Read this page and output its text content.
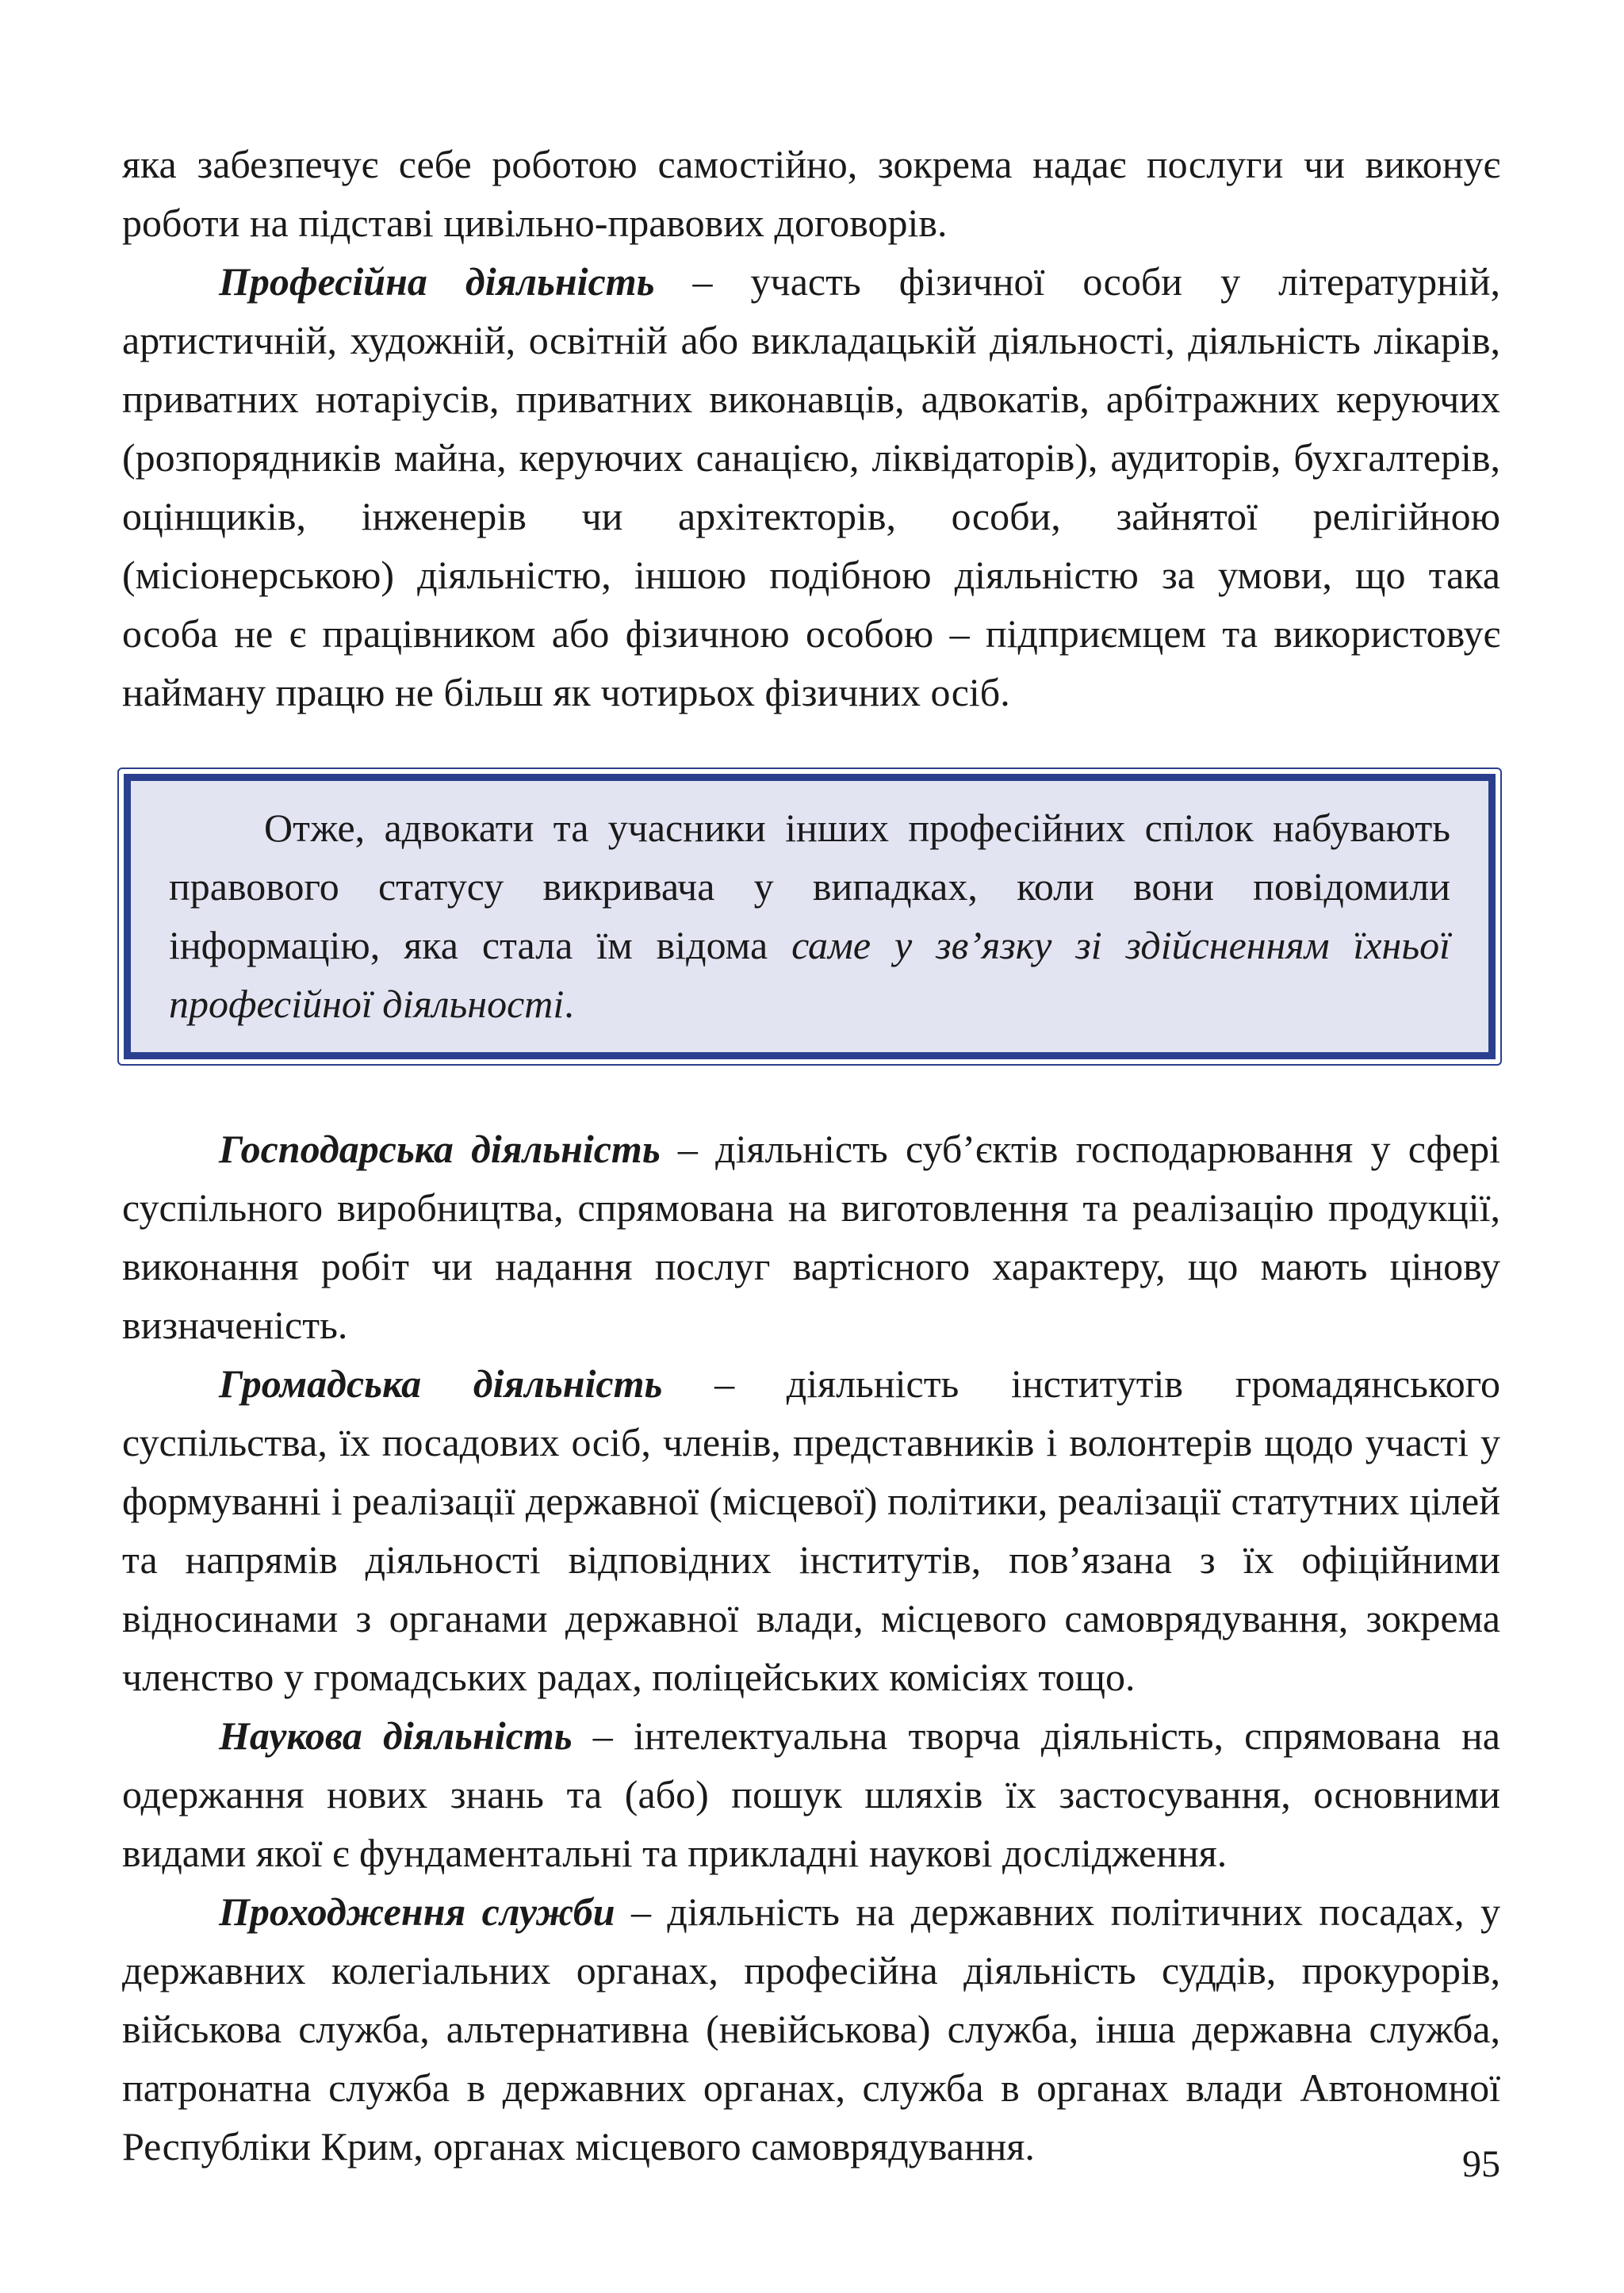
яка забезпечує себе роботою самостійно, зокрема надає послуги чи виконує роботи на підставі цивільно-правових договорів.

Професійна діяльність – участь фізичної особи у літературній, артистичній, художній, освітній або викладацькій діяльності, діяльність лікарів, приватних нотаріусів, приватних виконавців, адвокатів, арбітражних керуючих (розпорядників майна, керуючих санацією, ліквідаторів), аудиторів, бухгалтерів, оцінщиків, інженерів чи архітекторів, особи, зайнятої релігійною (місіонерською) діяльністю, іншою подібною діяльністю за умови, що така особа не є працівником або фізичною особою – підприємцем та використовує найману працю не більш як чотирьох фізичних осіб.

Отже, адвокати та учасники інших професійних спілок набувають правового статусу викривача у випадках, коли вони повідомили інформацію, яка стала їм відома саме у зв’язку зі здійсненням їхньої професійної діяльності.

Господарська діяльність – діяльність суб’єктів господарювання у сфері суспільного виробництва, спрямована на виготовлення та реалізацію продукції, виконання робіт чи надання послуг вартісного характеру, що мають цінову визначеність.

Громадська діяльність – діяльність інститутів громадянського суспільства, їх посадових осіб, членів, представників і волонтерів щодо участі у формуванні і реалізації державної (місцевої) політики, реалізації статутних цілей та напрямів діяльності відповідних інститутів, пов’язана з їх офіційними відносинами з органами державної влади, місцевого самоврядування, зокрема членство у громадських радах, поліцейських комісіях тощо.

Наукова діяльність – інтелектуальна творча діяльність, спрямована на одержання нових знань та (або) пошук шляхів їх застосування, основними видами якої є фундаментальні та прикладні наукові дослідження.

Проходження служби – діяльність на державних політичних посадах, у державних колегіальних органах, професійна діяльність суддів, прокурорів, військова служба, альтернативна (невійськова) служба, інша державна служба, патронатна служба в державних органах, служба в органах влади Автономної Республіки Крим, органах місцевого самоврядування.	95
